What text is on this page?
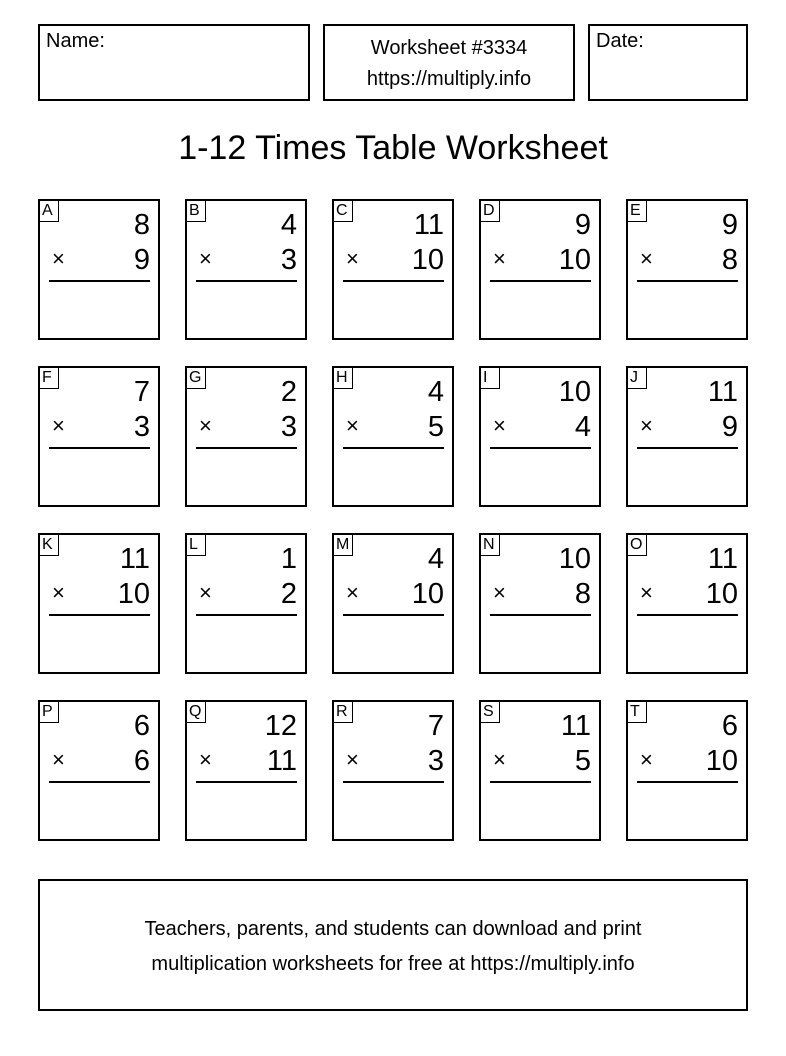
Name:	Worksheet #3334
https://multiply.info
Date:
1-12 Times Table Worksheet
A	8
× 9
B	4
× 3
C 11
× 10
D	9
× 10
E	9
× 8
F	7
× 3
G	2
× 3
H	4
× 5
I	10
× 4
J	11
× 9
K 11
× 10
L	1
× 2
M	4
× 10
N 10
× 8
O 11
× 10
P	6
× 6
Q 12
× 11
R	7
× 3
S 11
× 5
T	6
× 10
Teachers, parents, and students can download and print
multiplication worksheets for free at https://multiply.info
